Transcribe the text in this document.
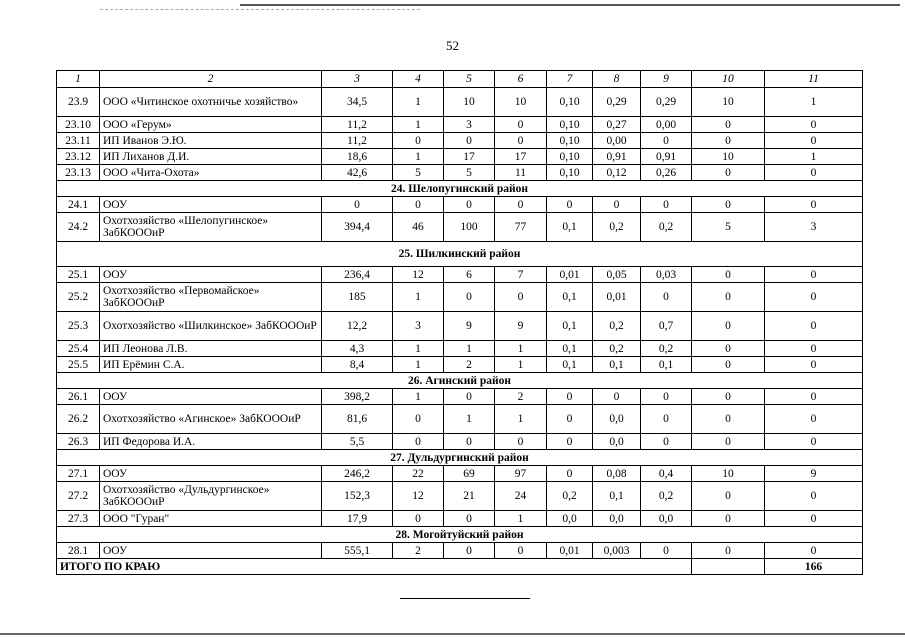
52
1	2	3	4	5	6	7	8	9	10	11
23.9	ООО «Читинское охотничье хозяйство»	34,5	1	10	10	0,10	0,29	0,29	10	1
23.10	ООО «Герум»	11,2	1	3	0	0,10	0,27	0,00	0	0
23.11	ИП Иванов Э.Ю.	11,2	0	0	0	0,10	0,00	0	0	0
23.12	ИП Лиханов Д.И.	18,6	1	17	17	0,10	0,91	0,91	10	1
23.13	ООО «Чита-Охота»	42,6	5	5	11	0,10	0,12	0,26	0	0
24. Шелопугинский район										
24.1	ООУ	0	0	0	0	0	0	0	0	0
24.2	Охотхозяйство «Шелопугинское» ЗабКОООиР	394,4	46	100	77	0,1	0,2	0,2	5	3
25. Шилкинский район										
25.1	ООУ	236,4	12	6	7	0,01	0,05	0,03	0	0
25.2	Охотхозяйство «Первомайское» ЗабКОООиР	185	1	0	0	0,1	0,01	0	0	0
25.3	Охотхозяйство «Шилкинское» ЗабКОООиР	12,2	3	9	9	0,1	0,2	0,7	0	0
25.4	ИП Леонова Л.В.	4,3	1	1	1	0,1	0,2	0,2	0	0
25.5	ИП Ерёмин С.А.	8,4	1	2	1	0,1	0,1	0,1	0	0
26. Агинский район										
26.1	ООУ	398,2	1	0	2	0	0	0	0	0
26.2	Охотхозяйство «Агинское» ЗабКОООиР	81,6	0	1	1	0	0,0	0	0	0
26.3	ИП Федорова И.А.	5,5	0	0	0	0	0,0	0	0	0
27. Дульдургинский район										
27.1	ООУ	246,2	22	69	97	0	0,08	0,4	10	9
27.2	Охотхозяйство «Дульдургинское» ЗабКОООиР	152,3	12	21	24	0,2	0,1	0,2	0	0
27.3	ООО "Гуран"	17,9	0	0	1	0,0	0,0	0,0	0	0
28. Могойтуйский район										
28.1	ООУ	555,1	2	0	0	0,01	0,003	0	0	0
ИТОГО ПО КРАЮ										166
